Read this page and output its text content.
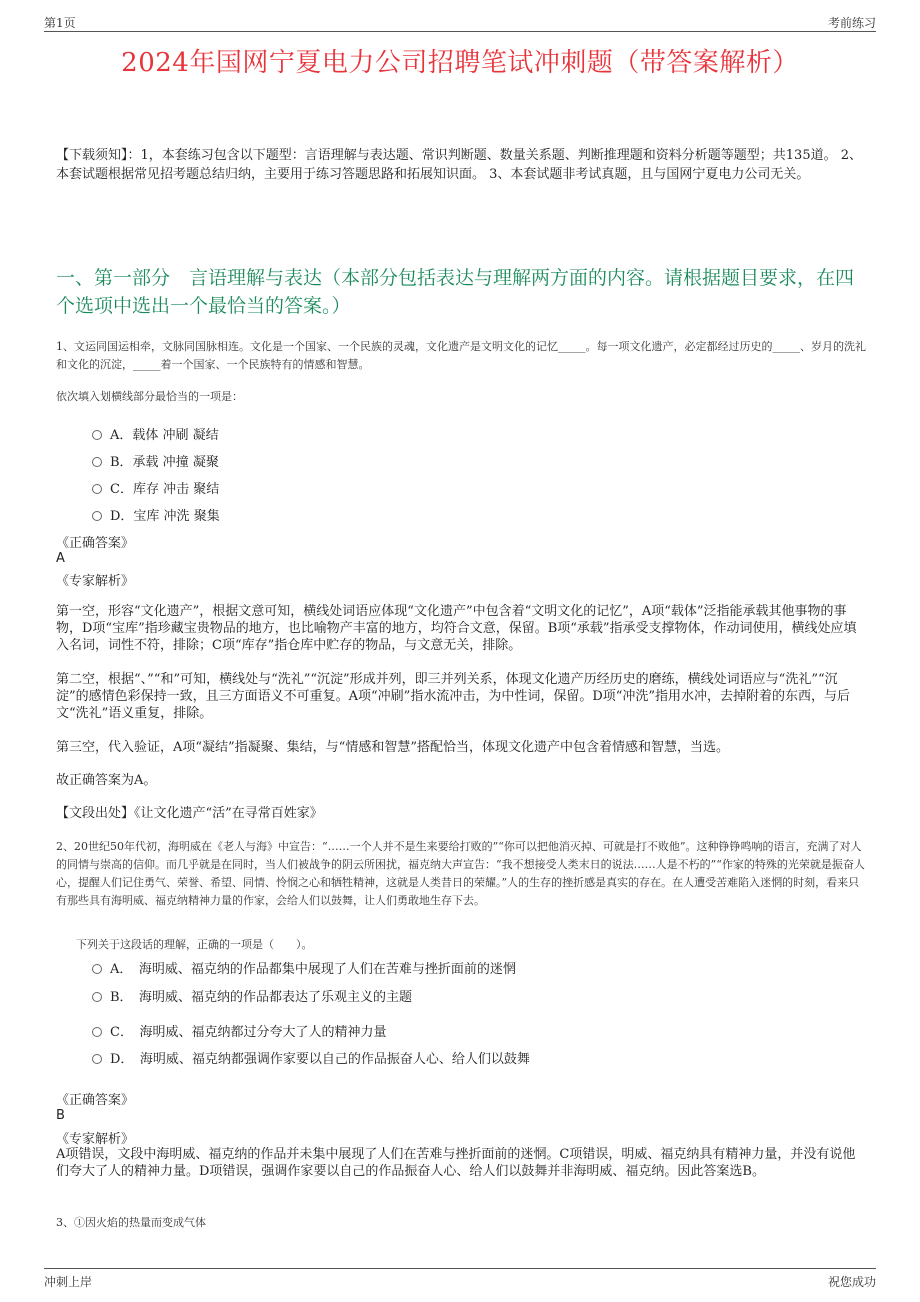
第1页	考前练习
2024年国网宁夏电力公司招聘笔试冲刺题（带答案解析）
【下载须知】：1，本套练习包含以下题型：言语理解与表达题、常识判断题、数量关系题、判断推理题和资料分析题等题型；共135道。 2、本套试题根据常见招考题总结归纳，主要用于练习答题思路和拓展知识面。 3、本套试题非考试真题，且与国网宁夏电力公司无关。
一、第一部分　言语理解与表达（本部分包括表达与理解两方面的内容。请根据题目要求，在四个选项中选出一个最恰当的答案。）
1、文运同国运相牵，文脉同国脉相连。文化是一个国家、一个民族的灵魂，文化遗产是文明文化的记忆_____。每一项文化遗产，必定都经过历史的_____、岁月的洗礼和文化的沉淀，_____着一个国家、一个民族特有的情感和智慧。
依次填入划横线部分最恰当的一项是：
A．载体 冲刷 凝结
B．承载 冲撞 凝聚
C．库存 冲击 聚结
D．宝库 冲洗 聚集
《正确答案》
A
《专家解析》
第一空，形容“文化遗产”，根据文意可知，横线处词语应体现“文化遗产”中包含着“文明文化的记忆”，A项“载体”泛指能承载其他事物的事物，D项“宝库”指珍藏宝贵物品的地方，也比喻物产丰富的地方，均符合文意，保留。B项“承载”指承受支撑物体，作动词使用，横线处应填入名词，词性不符，排除；C项“库存”指仓库中贮存的物品，与文意无关，排除。
第二空，根据“、”“和”可知，横线处与“洗礼”“沉淀”形成并列，即三并列关系，体现文化遗产历经历史的磨练，横线处词语应与“洗礼”“沉淀”的感情色彩保持一致，且三方面语义不可重复。A项“冲刷”指水流冲击，为中性词，保留。D项“冲洗”指用水冲，去掉附着的东西，与后文“洗礼”语义重复，排除。
第三空，代入验证，A项“凝结”指凝聚、集结，与“情感和智慧”搭配恰当，体现文化遗产中包含着情感和智慧，当选。
故正确答案为A。
【文段出处】《让文化遗产“活”在寻常百姓家》
2、20世纪50年代初，海明威在《老人与海》中宣告：“……一个人并不是生来要给打败的”“你可以把他消灭掉、可就是打不败他”。这种铮铮鸣响的语言，充满了对人的同情与崇高的信仰。而几乎就是在同时，当人们被战争的阴云所困扰，福克纳大声宣告：“我不想接受人类末日的说法……人是不朽的”“作家的特殊的光荣就是振奋人心，提醒人们记住勇气、荣誉、希望、同情、怜悯之心和牺牲精神，这就是人类昔日的荣耀。”人的生存的挫折感是真实的存在。在人遭受苦难陷入迷惘的时刻，看来只有那些具有海明威、福克纳精神力量的作家，会给人们以鼓舞，让人们勇敢地生存下去。
下列关于这段话的理解，正确的一项是（　　）。
A．　海明威、福克纳的作品都集中展现了人们在苦难与挫折面前的迷惘
B．　海明威、福克纳的作品都表达了乐观主义的主题
C．　海明威、福克纳都过分夸大了人的精神力量
D．　海明威、福克纳都强调作家要以自己的作品振奋人心、给人们以鼓舞
《正确答案》
B
《专家解析》
A项错误，文段中海明威、福克纳的作品并未集中展现了人们在苦难与挫折面前的迷惘。C项错误，明威、福克纳具有精神力量，并没有说他们夸大了人的精神力量。D项错误，强调作家要以自己的作品振奋人心、给人们以鼓舞并非海明威、福克纳。因此答案选B。
3、①因火焰的热量而变成气体
冲刺上岸	祝您成功
